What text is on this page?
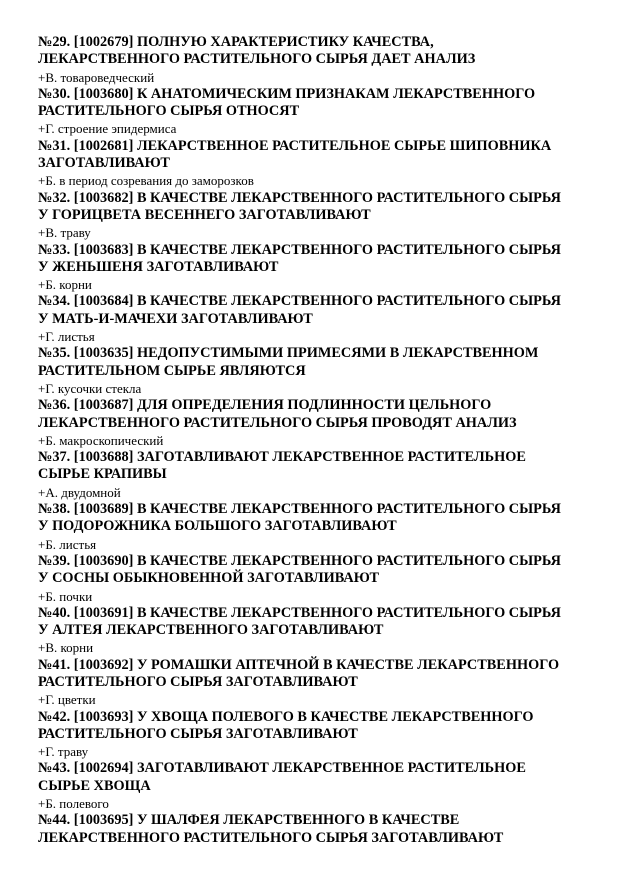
№29. [1002679] ПОЛНУЮ ХАРАКТЕРИСТИКУ КАЧЕСТВА,
ЛЕКАРСТВЕННОГО РАСТИТЕЛЬНОГО СЫРЬЯ ДАЕТ АНАЛИЗ

+В. товароведческий

№30. [1003680] К АНАТОМИЧЕСКИМ ПРИЗНАКАМ ЛЕКАРСТВЕННОГО
РАСТИТЕЛЬНОГО СЫРЬЯ ОТНОСЯТ

+Г. строение эпидермиса

№31. [1002681] ЛЕКАРСТВЕННОЕ РАСТИТЕЛЬНОЕ СЫРЬЕ ШИПОВНИКА
ЗАГОТАВЛИВАЮТ

+Б. в период созревания до заморозков

№32. [1003682] В КАЧЕСТВЕ ЛЕКАРСТВЕННОГО РАСТИТЕЛЬНОГО СЫРЬЯ
У ГОРИЦВЕТА ВЕСЕННЕГО ЗАГОТАВЛИВАЮТ

+В. траву

№33. [1003683] В КАЧЕСТВЕ ЛЕКАРСТВЕННОГО РАСТИТЕЛЬНОГО СЫРЬЯ
У ЖЕНЬШЕНЯ ЗАГОТАВЛИВАЮТ

+Б. корни

№34. [1003684] В КАЧЕСТВЕ ЛЕКАРСТВЕННОГО РАСТИТЕЛЬНОГО СЫРЬЯ
У МАТЬ-И-МАЧЕХИ ЗАГОТАВЛИВАЮТ

+Г. листья

№35. [1003635] НЕДОПУСТИМЫМИ ПРИМЕСЯМИ В ЛЕКАРСТВЕННОМ
РАСТИТЕЛЬНОМ СЫРЬЕ ЯВЛЯЮТСЯ

+Г. кусочки стекла

№36. [1003687] ДЛЯ ОПРЕДЕЛЕНИЯ ПОДЛИННОСТИ ЦЕЛЬНОГО
ЛЕКАРСТВЕННОГО РАСТИТЕЛЬНОГО СЫРЬЯ ПРОВОДЯТ АНАЛИЗ

+Б. макроскопический

№37. [1003688] ЗАГОТАВЛИВАЮТ ЛЕКАРСТВЕННОЕ РАСТИТЕЛЬНОЕ
СЫРЬЕ КРАПИВЫ

+А. двудомной

№38. [1003689] В КАЧЕСТВЕ ЛЕКАРСТВЕННОГО РАСТИТЕЛЬНОГО СЫРЬЯ
У ПОДОРОЖНИКА БОЛЬШОГО ЗАГОТАВЛИВАЮТ

+Б. листья

№39. [1003690] В КАЧЕСТВЕ ЛЕКАРСТВЕННОГО РАСТИТЕЛЬНОГО СЫРЬЯ
У СОСНЫ ОБЫКНОВЕННОЙ ЗАГОТАВЛИВАЮТ

+Б. почки

№40. [1003691] В КАЧЕСТВЕ ЛЕКАРСТВЕННОГО РАСТИТЕЛЬНОГО СЫРЬЯ
У АЛТЕЯ ЛЕКАРСТВЕННОГО ЗАГОТАВЛИВАЮТ

+В. корни

№41. [1003692] У РОМАШКИ АПТЕЧНОЙ В КАЧЕСТВЕ ЛЕКАРСТВЕННОГО
РАСТИТЕЛЬНОГО СЫРЬЯ ЗАГОТАВЛИВАЮТ

+Г. цветки

№42. [1003693] У ХВОЩА ПОЛЕВОГО В КАЧЕСТВЕ ЛЕКАРСТВЕННОГО
РАСТИТЕЛЬНОГО СЫРЬЯ ЗАГОТАВЛИВАЮТ

+Г. траву

№43. [1002694] ЗАГОТАВЛИВАЮТ ЛЕКАРСТВЕННОЕ РАСТИТЕЛЬНОЕ
СЫРЬЕ ХВОЩА

+Б. полевого

№44. [1003695] У ШАЛФЕЯ ЛЕКАРСТВЕННОГО В КАЧЕСТВЕ
ЛЕКАРСТВЕННОГО РАСТИТЕЛЬНОГО СЫРЬЯ ЗАГОТАВЛИВАЮТ
